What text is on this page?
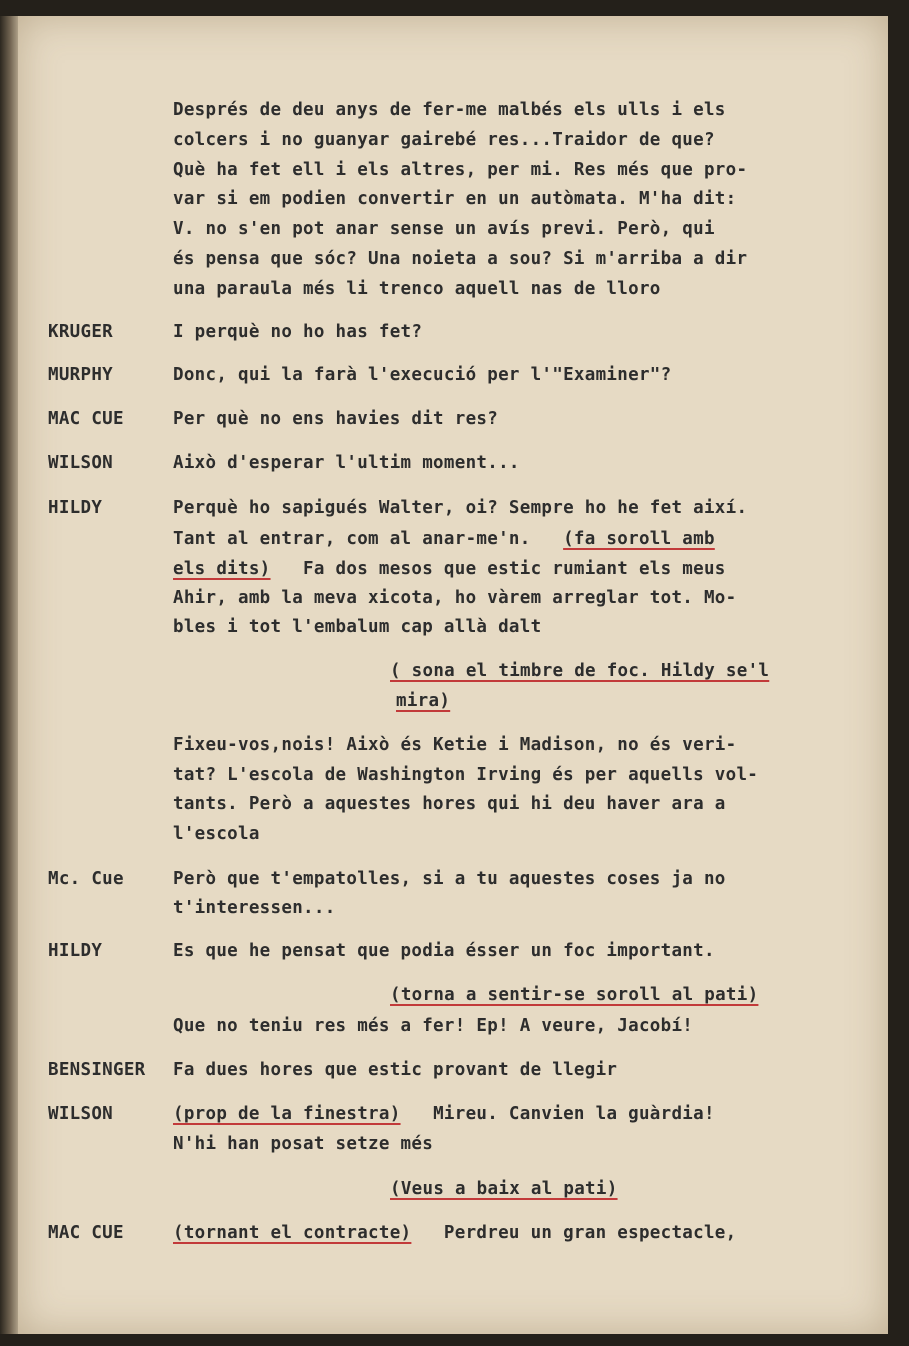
Després de deu anys de fer-me malbés els ulls i els
colcers i no guanyar gairebé res...Traidor de que?
Què ha fet ell i els altres, per mi. Res més que pro-
var si em podien convertir en un autòmata. M'ha dit:
V. no s'en pot anar sense un avís previ. Però, qui
és pensa que sóc? Una noieta a sou? Si m'arriba a dir
una paraula més li trenco aquell nas de lloro
KRUGER	I perquè no ho has fet?
MURPHY	Donc, qui la farà l'execució per l'"Examiner"?
MAC CUE	Per què no ens havies dit res?
WILSON	Això d'esperar l'ultim moment...
HILDY	Perquè ho sapigués Walter, oi? Sempre ho he fet així.
Tant al entrar, com al anar-me'n.   (fa soroll amb
els dits)   Fa dos mesos que estic rumiant els meus
Ahir, amb la meva xicota, ho vàrem arreglar tot. Mo-
bles i tot l'embalum cap allà dalt
( sona el timbre de foc. Hildy se'l
mira)
Fixeu-vos,nois! Això és Ketie i Madison, no és veri-
tat? L'escola de Washington Irving és per aquells vol-
tants. Però a aquestes hores qui hi deu haver ara a
l'escola
Mc. Cue	Però que t'empatolles, si a tu aquestes coses ja no
t'interessen...
HILDY	Es que he pensat que podia ésser un foc important.
(torna a sentir-se soroll al pati)
Que no teniu res més a fer! Ep! A veure, Jacobí!
BENSINGER Fa dues hores que estic provant de llegir
WILSON	(prop de la finestra)   Mireu. Canvien la guàrdia!
N'hi han posat setze més
(Veus a baix al pati)
MAC CUE	(tornant el contracte)   Perdreu un gran espectacle,
